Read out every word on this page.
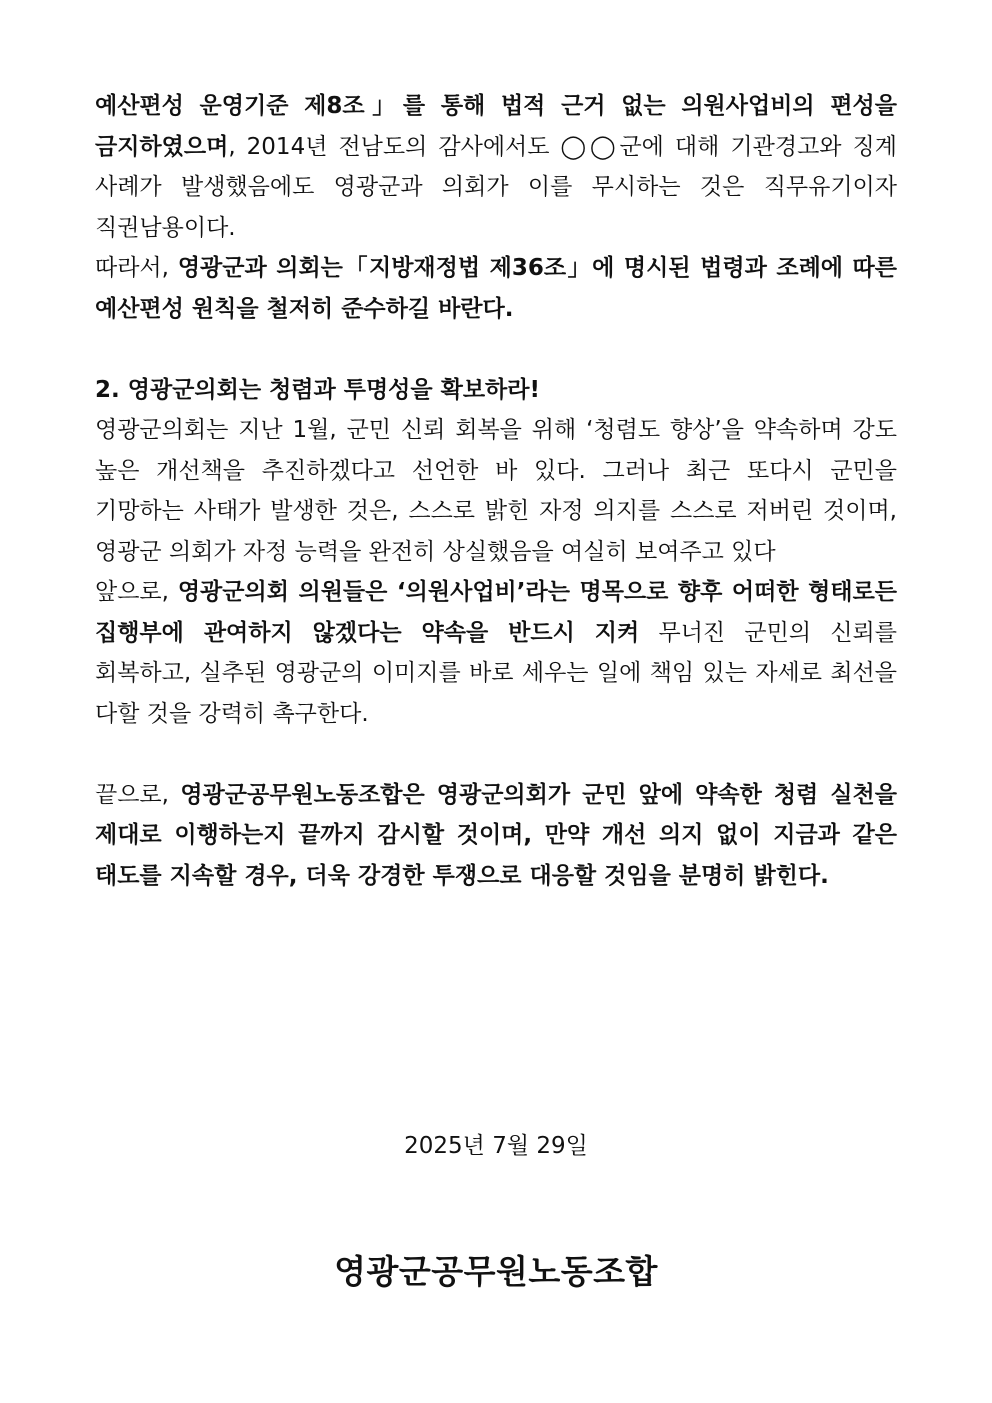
예산편성 운영기준 제8조」를 통해 법적 근거 없는 의원사업비의 편성을 금지하였으며, 2014년 전남도의 감사에서도 ◯◯군에 대해 기관경고와 징계 사례가 발생했음에도 영광군과 의회가 이를 무시하는 것은 직무유기이자 직권남용이다.

따라서, 영광군과 의회는「지방재정법 제36조」에 명시된 법령과 조례에 따른 예산편성 원칙을 철저히 준수하길 바란다.

2. 영광군의회는 청렴과 투명성을 확보하라!

영광군의회는 지난 1월, 군민 신뢰 회복을 위해 ‘청렴도 향상’을 약속하며 강도 높은 개선책을 추진하겠다고 선언한 바 있다. 그러나 최근 또다시 군민을 기망하는 사태가 발생한 것은, 스스로 밝힌 자정 의지를 스스로 저버린 것이며, 영광군 의회가 자정 능력을 완전히 상실했음을 여실히 보여주고 있다

앞으로, 영광군의회 의원들은 ‘의원사업비’라는 명목으로 향후 어떠한 형태로든 집행부에 관여하지 않겠다는 약속을 반드시 지켜 무너진 군민의 신뢰를 회복하고, 실추된 영광군의 이미지를 바로 세우는 일에 책임 있는 자세로 최선을 다할 것을 강력히 촉구한다.

끝으로, 영광군공무원노동조합은 영광군의회가 군민 앞에 약속한 청렴 실천을 제대로 이행하는지 끝까지 감시할 것이며, 만약 개선 의지 없이 지금과 같은 태도를 지속할 경우, 더욱 강경한 투쟁으로 대응할 것임을 분명히 밝힌다.

2025년 7월 29일
영광군공무원노동조합
